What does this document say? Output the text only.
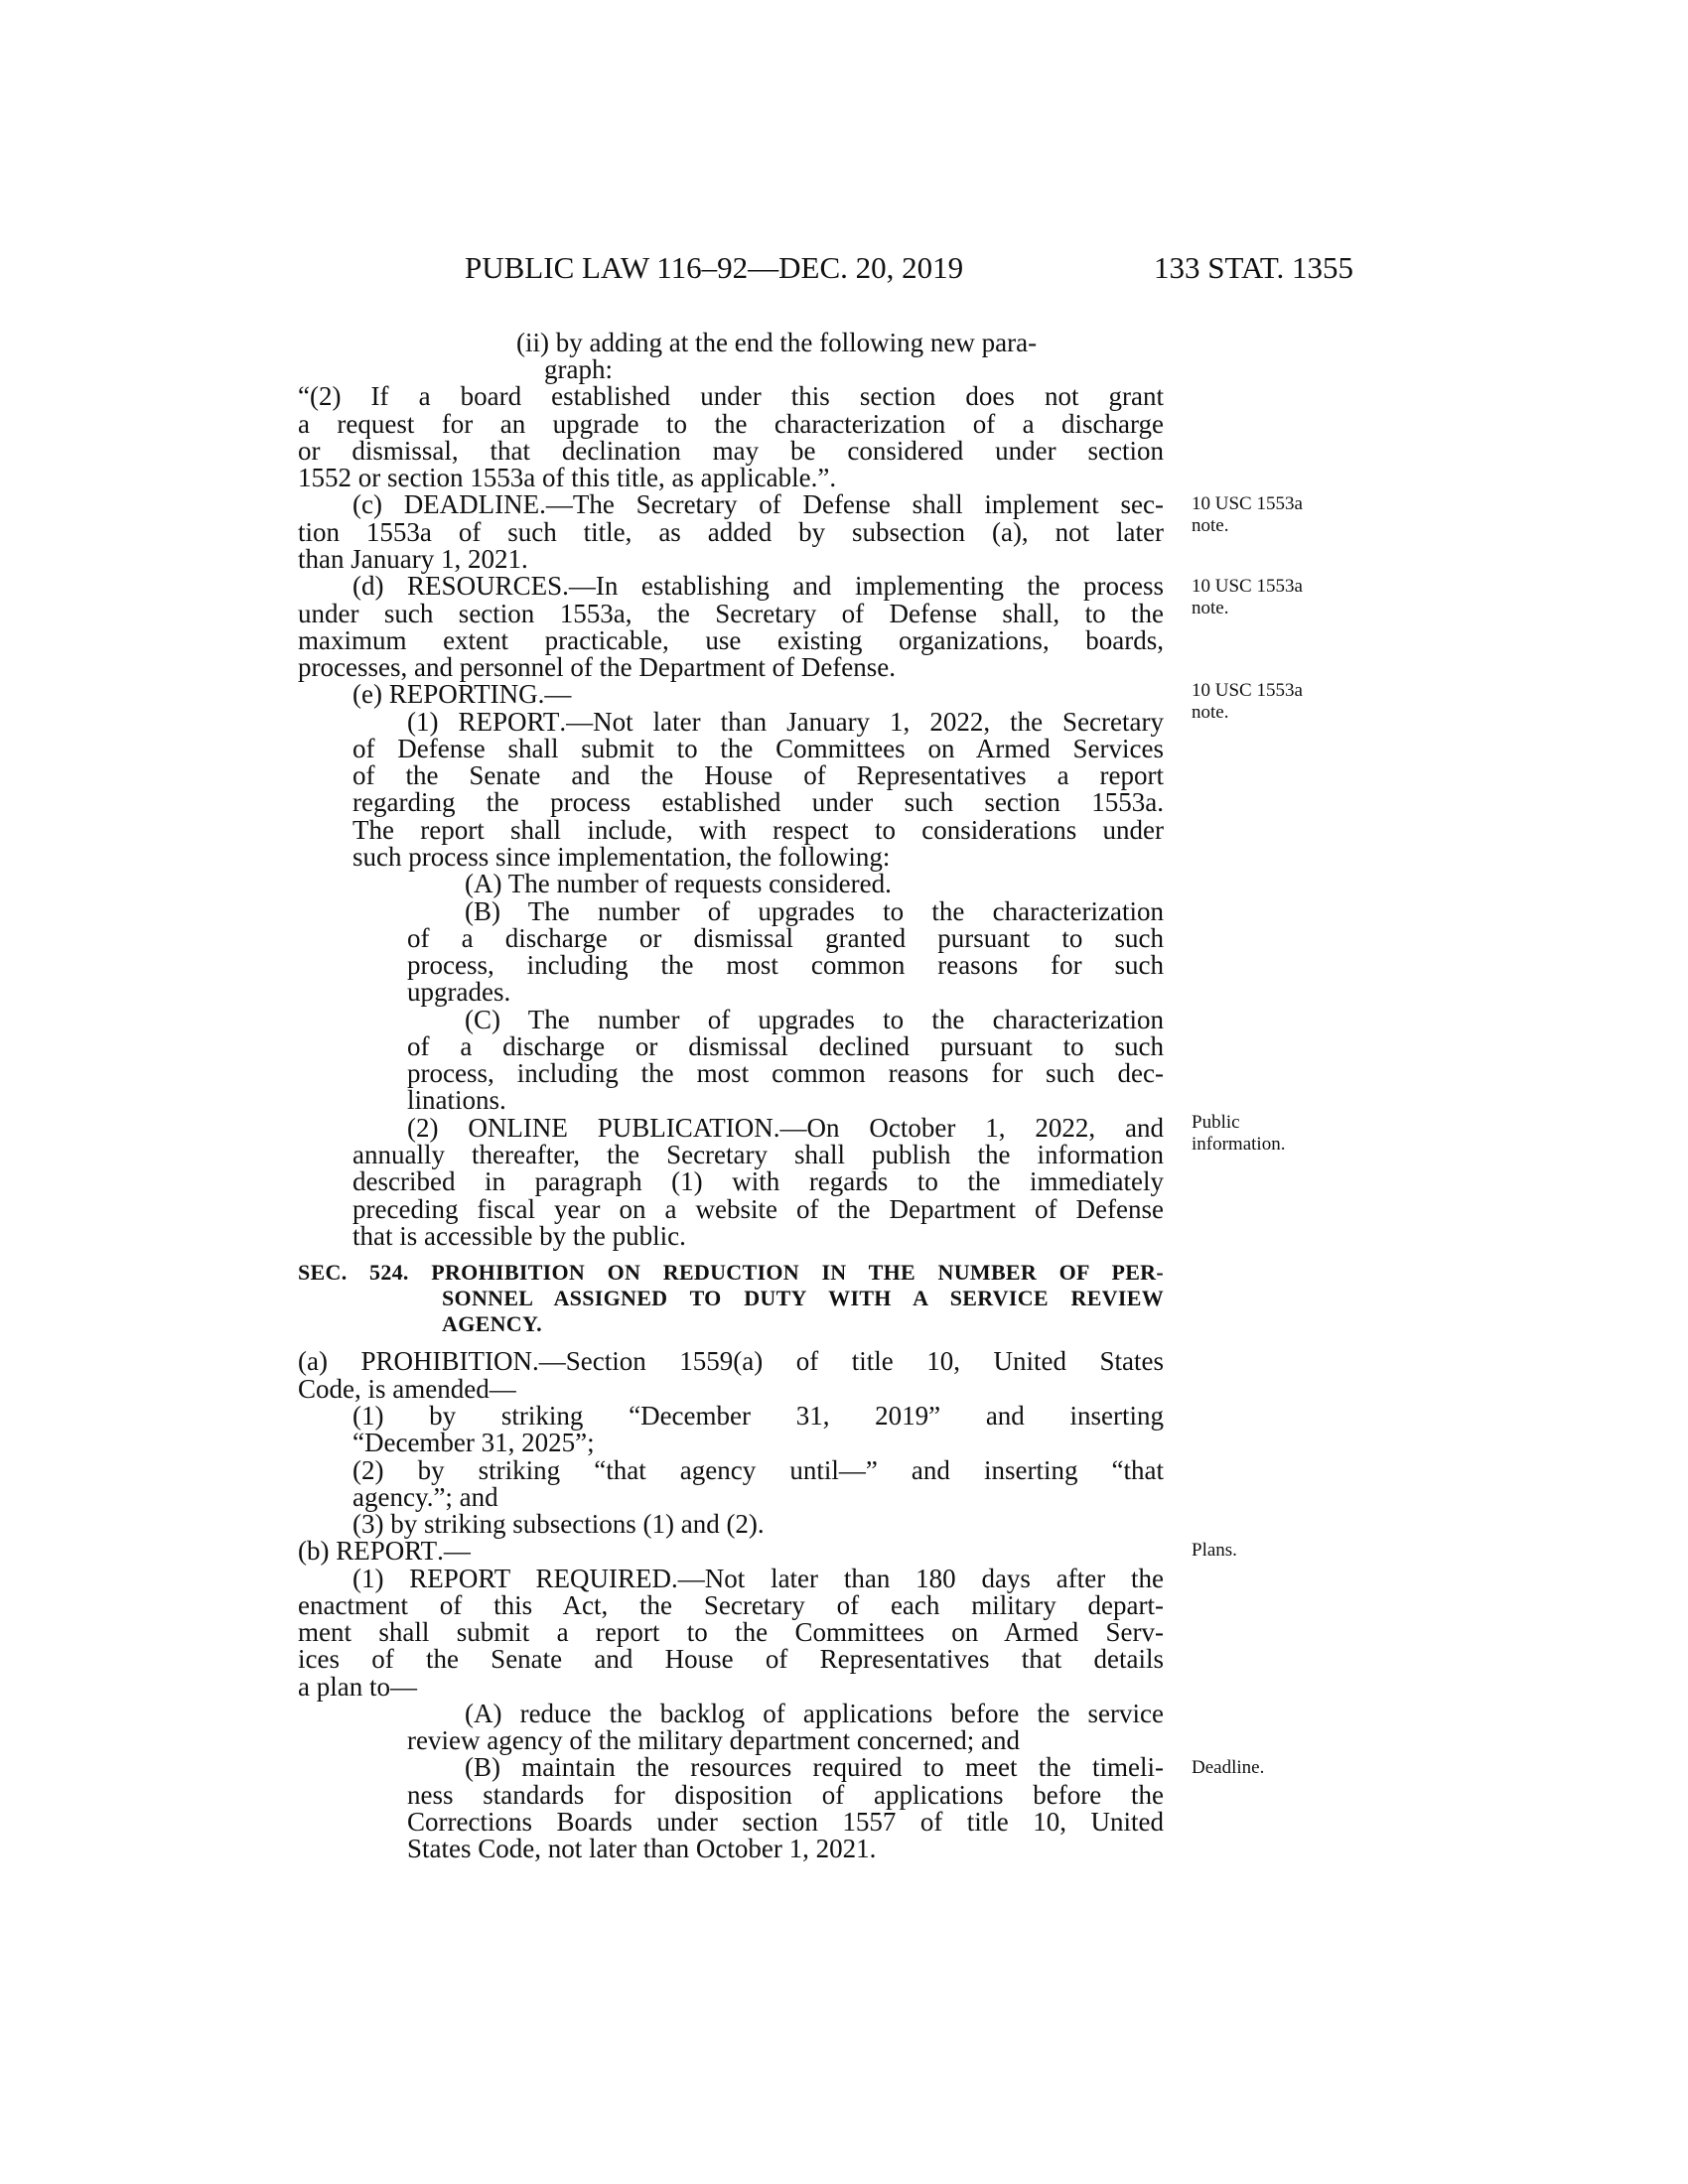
PUBLIC LAW 116–92—DEC. 20, 2019	133 STAT. 1355
(ii) by adding at the end the following new para-
graph:
“(2) If a board established under this section does not grant
a request for an upgrade to the characterization of a discharge
or dismissal, that declination may be considered under section
1552 or section 1553a of this title, as applicable.”.
(c) DEADLINE.—The Secretary of Defense shall implement sec-
tion 1553a of such title, as added by subsection (a), not later
than January 1, 2021.
(d) RESOURCES.—In establishing and implementing the process
under such section 1553a, the Secretary of Defense shall, to the
maximum extent practicable, use existing organizations, boards,
processes, and personnel of the Department of Defense.
(e) REPORTING.—
(1) REPORT.—Not later than January 1, 2022, the Secretary
of Defense shall submit to the Committees on Armed Services
of the Senate and the House of Representatives a report
regarding the process established under such section 1553a.
The report shall include, with respect to considerations under
such process since implementation, the following:
(A) The number of requests considered.
(B) The number of upgrades to the characterization
of a discharge or dismissal granted pursuant to such
process, including the most common reasons for such
upgrades.
(C) The number of upgrades to the characterization
of a discharge or dismissal declined pursuant to such
process, including the most common reasons for such dec-
linations.
(2) ONLINE PUBLICATION.—On October 1, 2022, and
annually thereafter, the Secretary shall publish the information
described in paragraph (1) with regards to the immediately
preceding fiscal year on a website of the Department of Defense
that is accessible by the public.
SEC. 524. PROHIBITION ON REDUCTION IN THE NUMBER OF PER-
SONNEL ASSIGNED TO DUTY WITH A SERVICE REVIEW
AGENCY.
(a) PROHIBITION.—Section 1559(a) of title 10, United States
Code, is amended—
(1) by striking “December 31, 2019” and inserting
“December 31, 2025”;
(2) by striking “that agency until—” and inserting “that
agency.”; and
(3) by striking subsections (1) and (2).
(b) REPORT.—
(1) REPORT REQUIRED.—Not later than 180 days after the
enactment of this Act, the Secretary of each military depart-
ment shall submit a report to the Committees on Armed Serv-
ices of the Senate and House of Representatives that details
a plan to—
(A) reduce the backlog of applications before the service
review agency of the military department concerned; and
(B) maintain the resources required to meet the timeli-
ness standards for disposition of applications before the
Corrections Boards under section 1557 of title 10, United
States Code, not later than October 1, 2021.
10 USC 1553a
note.
10 USC 1553a
note.
10 USC 1553a
note.
Public
information.
Plans.
Deadline.
